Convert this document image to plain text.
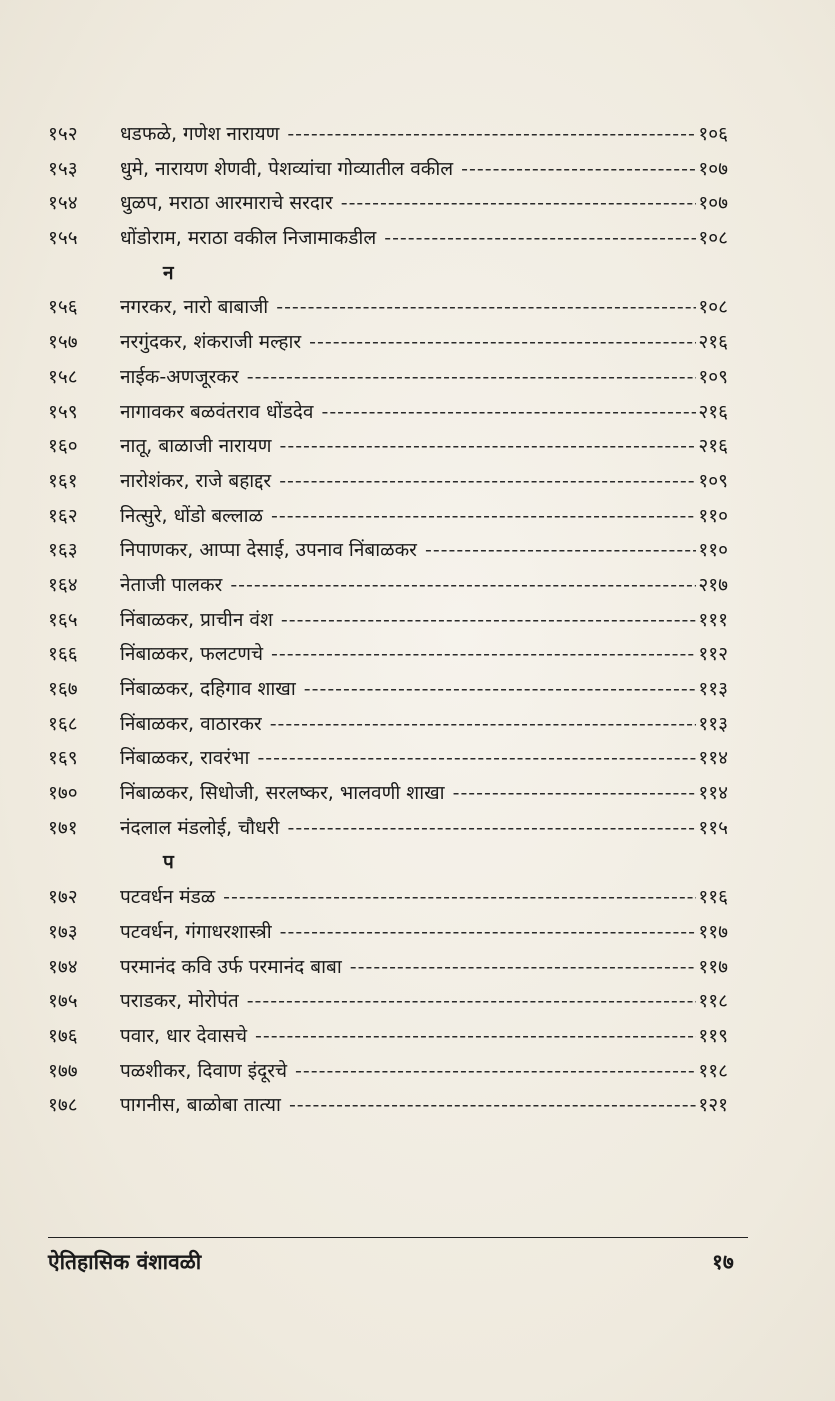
१५२	धडफळे, गणेश नारायण -----	१०६
१५३	धुमे, नारायण शेणवी, पेशव्यांचा गोव्यातील वकील -----	१०७
१५४	धुळप, मराठा आरमाराचे सरदार -----	१०७
१५५	धोंडोराम, मराठा वकील निजामाकडील -----	१०८
न
१५६	नगरकर, नारो बाबाजी -----	१०८
१५७	नरगुंदकर, शंकराजी मल्हार -----	२१६
१५८	नाईक-अणजूरकर -----	१०९
१५९	नागावकर बळवंतराव धोंडदेव -----	२१६
१६०	नातू, बाळाजी नारायण -----	२१६
१६१	नारोशंकर, राजे बहाद्दर -----	१०९
१६२	नित्सुरे, धोंडो बल्लाळ -----	११०
१६३	निपाणकर, आप्पा देसाई, उपनाव निंबाळकर -----	११०
१६४	नेताजी पालकर -----	२१७
१६५	निंबाळकर, प्राचीन वंश -----	१११
१६६	निंबाळकर, फलटणचे -----	११२
१६७	निंबाळकर, दहिगाव शाखा -----	११३
१६८	निंबाळकर, वाठारकर -----	११३
१६९	निंबाळकर, रावरंभा -----	११४
१७०	निंबाळकर, सिधोजी, सरलष्कर, भालवणी शाखा -----	११४
१७१	नंदलाल मंडलोई, चौधरी -----	११५
प
१७२	पटवर्धन मंडळ -----	११६
१७३	पटवर्धन, गंगाधरशास्त्री -----	११७
१७४	परमानंद कवि उर्फ परमानंद बाबा -----	११७
१७५	पराडकर, मोरोपंत -----	११८
१७६	पवार, धार देवासचे -----	११९
१७७	पळशीकर, दिवाण इंदूरचे -----	११८
१७८	पागनीस, बाळोबा तात्या -----	१२१
ऐतिहासिक वंशावळी	१७
